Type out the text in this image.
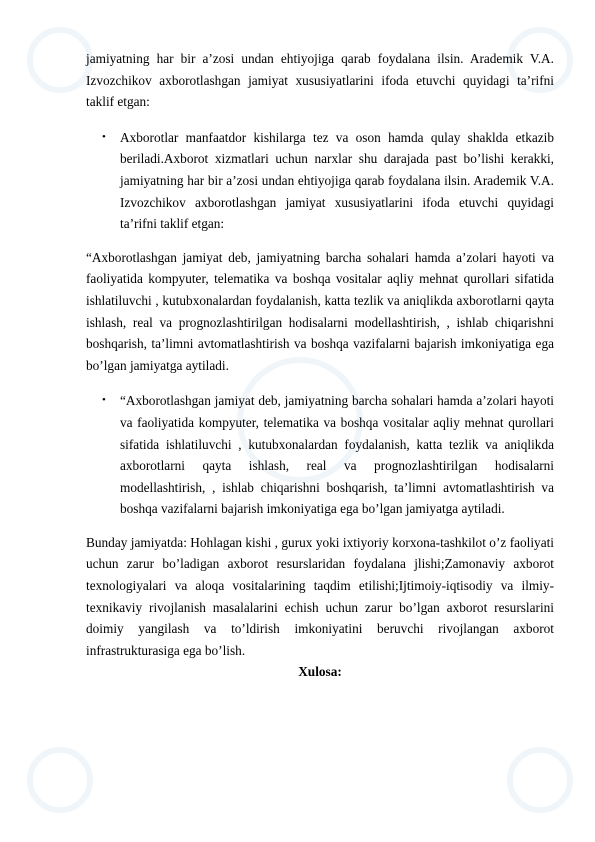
jamiyatning har bir a’zosi undan ehtiyojiga qarab foydalana ilsin. Arademik V.A. Izvozchikov axborotlashgan jamiyat xususiyatlarini ifoda etuvchi quyidagi ta’rifni taklif etgan:

• Axborotlar manfaatdor kishilarga tez va oson hamda qulay shaklda etkazib beriladi.Axborot xizmatlari uchun narxlar shu darajada past bo’lishi kerakki, jamiyatning har bir a’zosi undan ehtiyojiga qarab foydalana ilsin. Arademik V.A. Izvozchikov axborotlashgan jamiyat xususiyatlarini ifoda etuvchi quyidagi ta’rifni taklif etgan:

“Axborotlashgan jamiyat deb, jamiyatning barcha sohalari hamda a’zolari hayoti va faoliyatida kompyuter, telematika va boshqa vositalar aqliy mehnat qurollari sifatida ishlatiluvchi , kutubxonalardan foydalanish, katta tezlik va aniqlikda axborotlarni qayta ishlash, real va prognozlashtirilgan hodisalarni modellashtirish, , ishlab chiqarishni boshqarish, ta’limni avtomatlashtirish va boshqa vazifalarni bajarish imkoniyatiga ega bo’lgan jamiyatga aytiladi.

• “Axborotlashgan jamiyat deb, jamiyatning barcha sohalari hamda a’zolari hayoti va faoliyatida kompyuter, telematika va boshqa vositalar aqliy mehnat qurollari sifatida ishlatiluvchi , kutubxonalardan foydalanish, katta tezlik va aniqlikda axborotlarni qayta ishlash, real va prognozlashtirilgan hodisalarni modellashtirish, , ishlab chiqarishni boshqarish, ta’limni avtomatlashtirish va boshqa vazifalarni bajarish imkoniyatiga ega bo’lgan jamiyatga aytiladi.

Bunday jamiyatda: Hohlagan kishi , gurux yoki ixtiyoriy korxona-tashkilot o’z faoliyati uchun zarur bo’ladigan axborot resurslaridan foydalana jlishi;Zamonaviy axborot texnologiyalari va aloqa vositalarining taqdim etilishi;Ijtimoiy-iqtisodiy va ilmiy-texnikaviy rivojlanish masalalarini echish uchun zarur bo’lgan axborot resurslarini doimiy yangilash va to’ldirish imkoniyatini beruvchi rivojlangan axborot infrastrukturasiga ega bo’lish.

Xulosa:
